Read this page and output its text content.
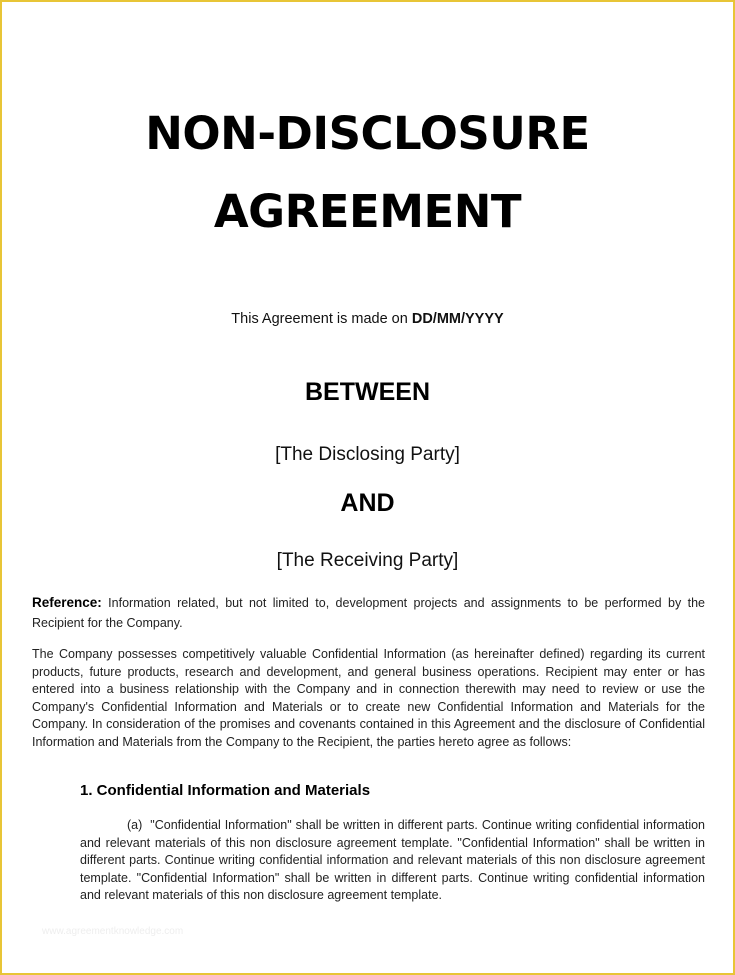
NON-DISCLOSURE
AGREEMENT
This Agreement is made on DD/MM/YYYY
BETWEEN
[The Disclosing Party]
AND
[The Receiving Party]
Reference: Information related, but not limited to, development projects and assignments to be performed by the Recipient for the Company.
The Company possesses competitively valuable Confidential Information (as hereinafter defined) regarding its current products, future products, research and development, and general business operations. Recipient may enter or has entered into a business relationship with the Company and in connection therewith may need to review or use the Company's Confidential Information and Materials or to create new Confidential Information and Materials for the Company. In consideration of the promises and covenants contained in this Agreement and the disclosure of Confidential Information and Materials from the Company to the Recipient, the parties hereto agree as follows:
1. Confidential Information and Materials
(a) "Confidential Information" shall be written in different parts. Continue writing confidential information and relevant materials of this non disclosure agreement template. "Confidential Information" shall be written in different parts. Continue writing confidential information and relevant materials of this non disclosure agreement template. "Confidential Information" shall be written in different parts. Continue writing confidential information and relevant materials of this non disclosure agreement template.
www.agreementknowledge.com
